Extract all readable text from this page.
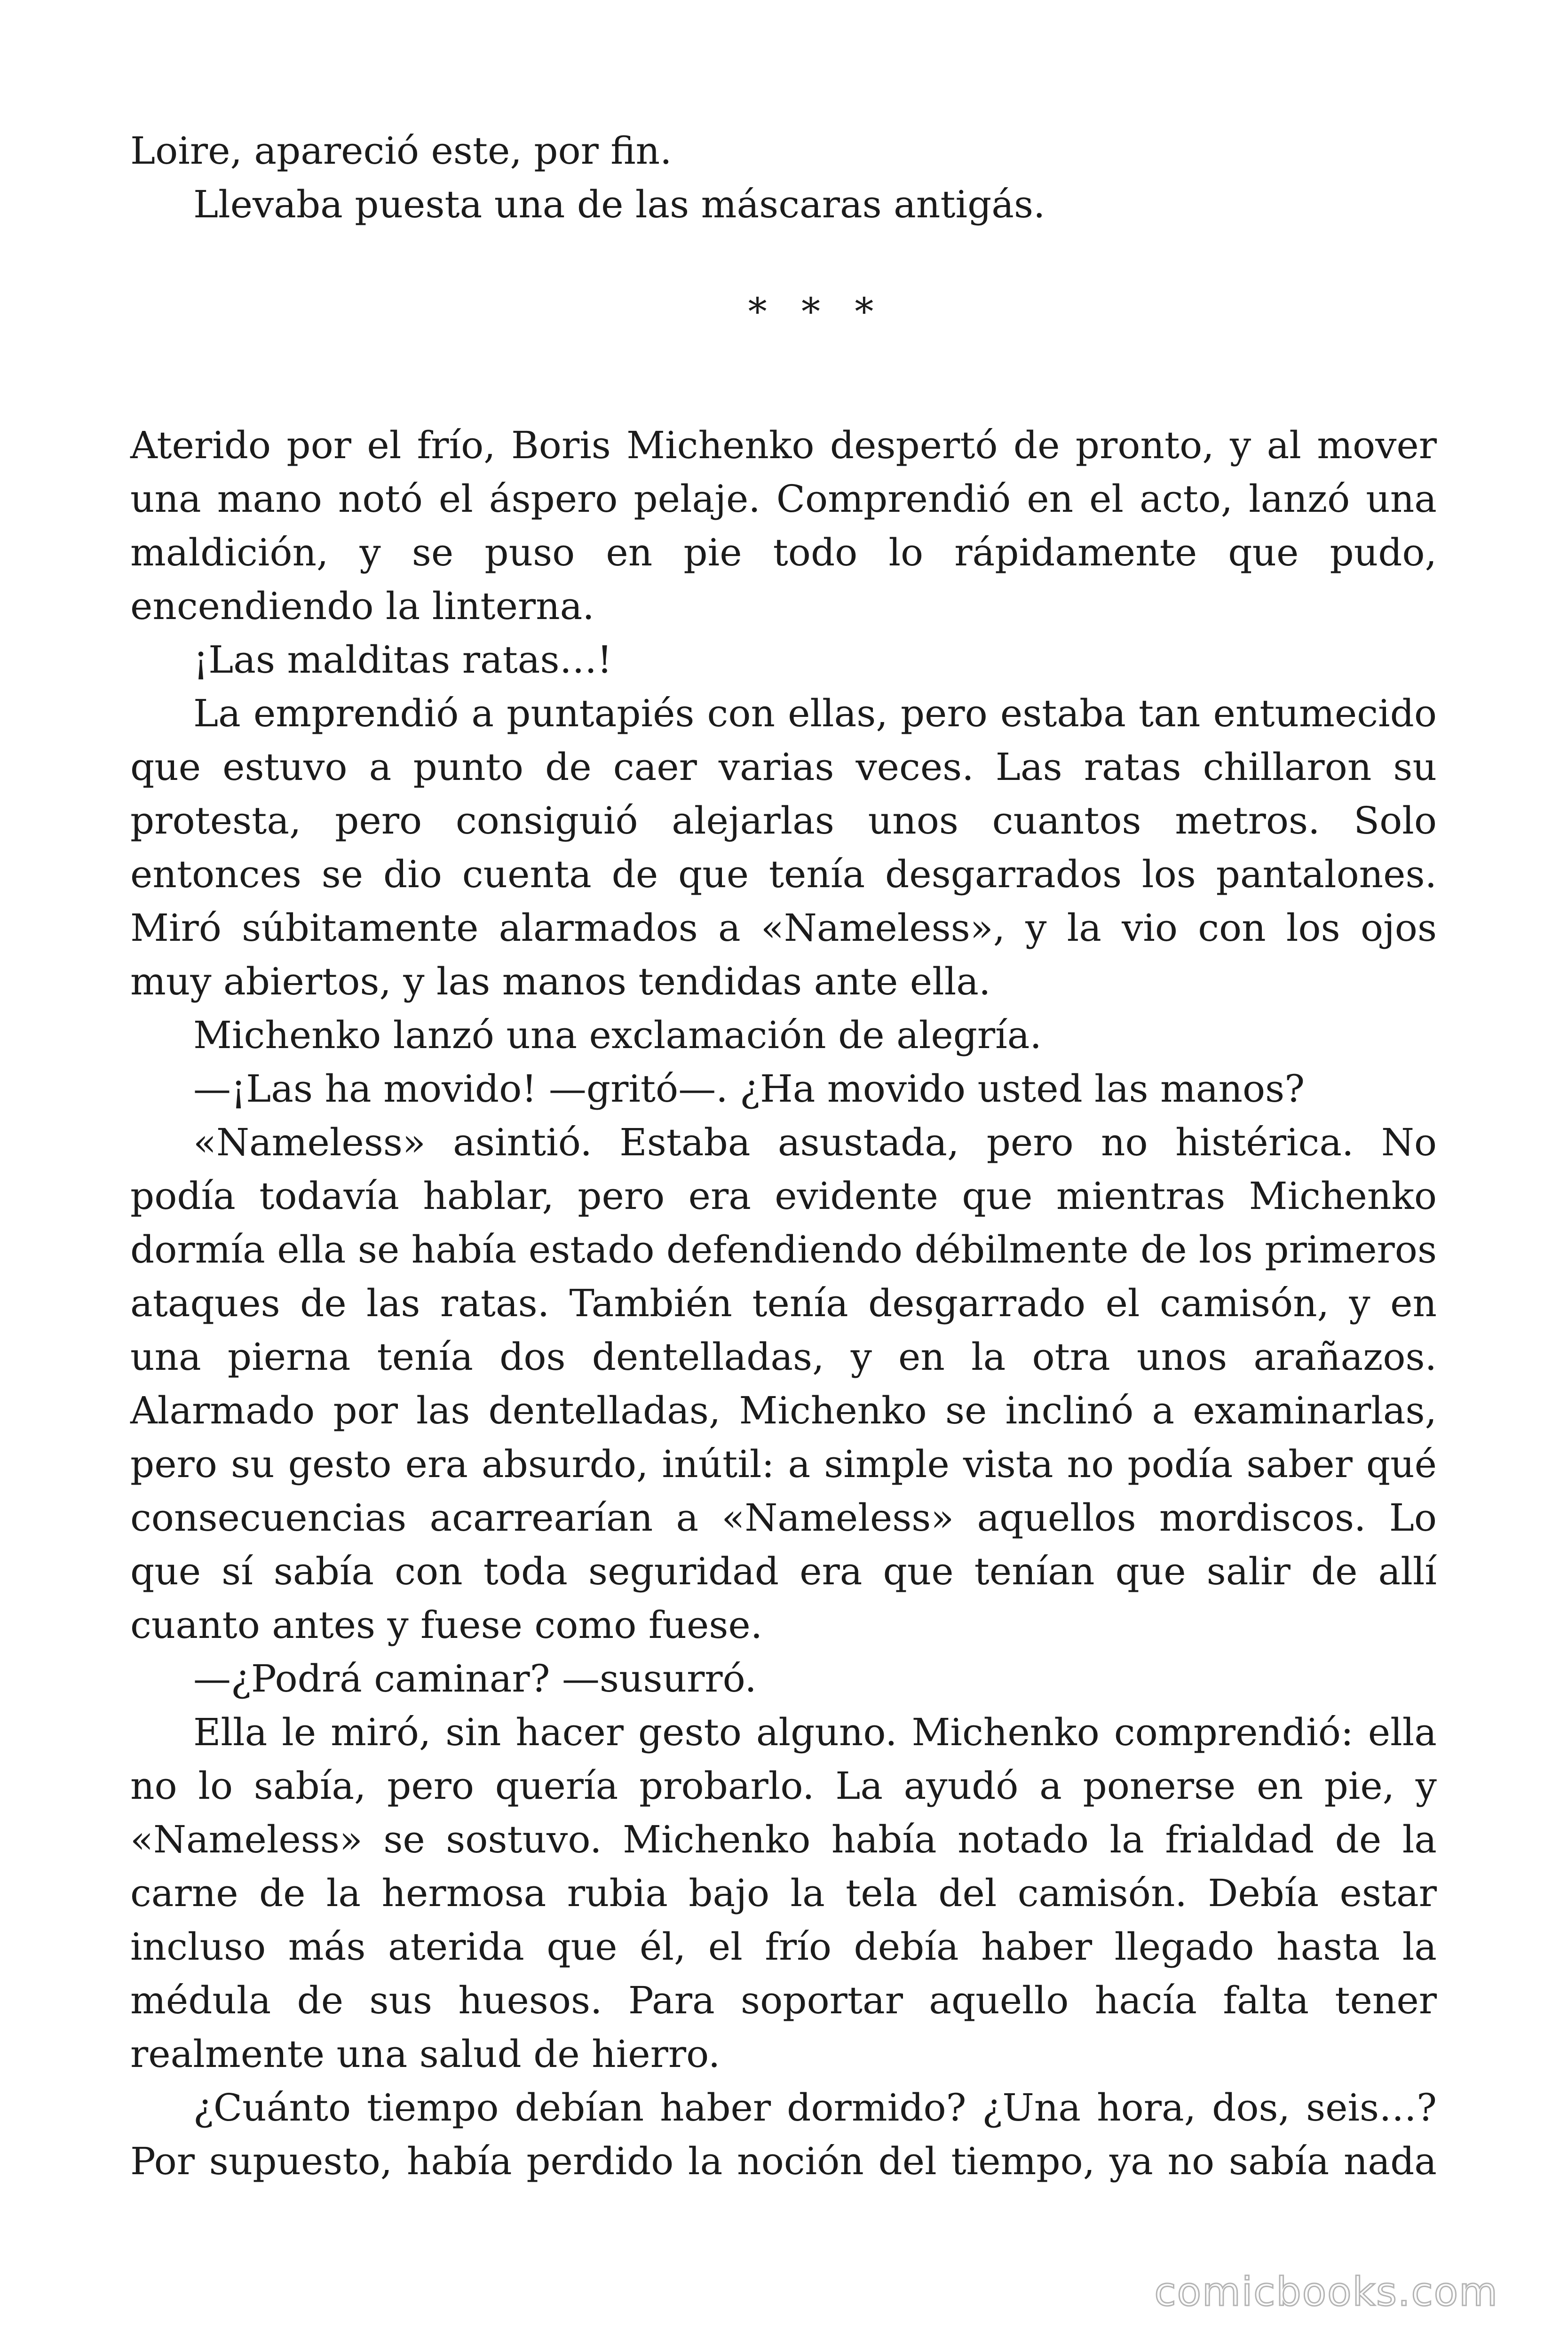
Loire, apareció este, por fin.

Llevaba puesta una de las máscaras antigás.

* * *

Aterido por el frío, Boris Michenko despertó de pronto, y al mover una mano notó el áspero pelaje. Comprendió en el acto, lanzó una maldición, y se puso en pie todo lo rápidamente que pudo, encendiendo la linterna.

¡Las malditas ratas…!

La emprendió a puntapiés con ellas, pero estaba tan entumecido que estuvo a punto de caer varias veces. Las ratas chillaron su protesta, pero consiguió alejarlas unos cuantos metros. Solo entonces se dio cuenta de que tenía desgarrados los pantalones. Miró súbitamente alarmados a «Nameless», y la vio con los ojos muy abiertos, y las manos tendidas ante ella.

Michenko lanzó una exclamación de alegría.

—¡Las ha movido! —gritó—. ¿Ha movido usted las manos?

«Nameless» asintió. Estaba asustada, pero no histérica. No podía todavía hablar, pero era evidente que mientras Michenko dormía ella se había estado defendiendo débilmente de los primeros ataques de las ratas. También tenía desgarrado el camisón, y en una pierna tenía dos dentelladas, y en la otra unos arañazos. Alarmado por las dentelladas, Michenko se inclinó a examinarlas, pero su gesto era absurdo, inútil: a simple vista no podía saber qué consecuencias acarrearían a «Nameless» aquellos mordiscos. Lo que sí sabía con toda seguridad era que tenían que salir de allí cuanto antes y fuese como fuese.

—¿Podrá caminar? —susurró.

Ella le miró, sin hacer gesto alguno. Michenko comprendió: ella no lo sabía, pero quería probarlo. La ayudó a ponerse en pie, y «Nameless» se sostuvo. Michenko había notado la frialdad de la carne de la hermosa rubia bajo la tela del camisón. Debía estar incluso más aterida que él, el frío debía haber llegado hasta la médula de sus huesos. Para soportar aquello hacía falta tener realmente una salud de hierro.

¿Cuánto tiempo debían haber dormido? ¿Una hora, dos, seis…? Por supuesto, había perdido la noción del tiempo, ya no sabía nada

comicbooks.com
